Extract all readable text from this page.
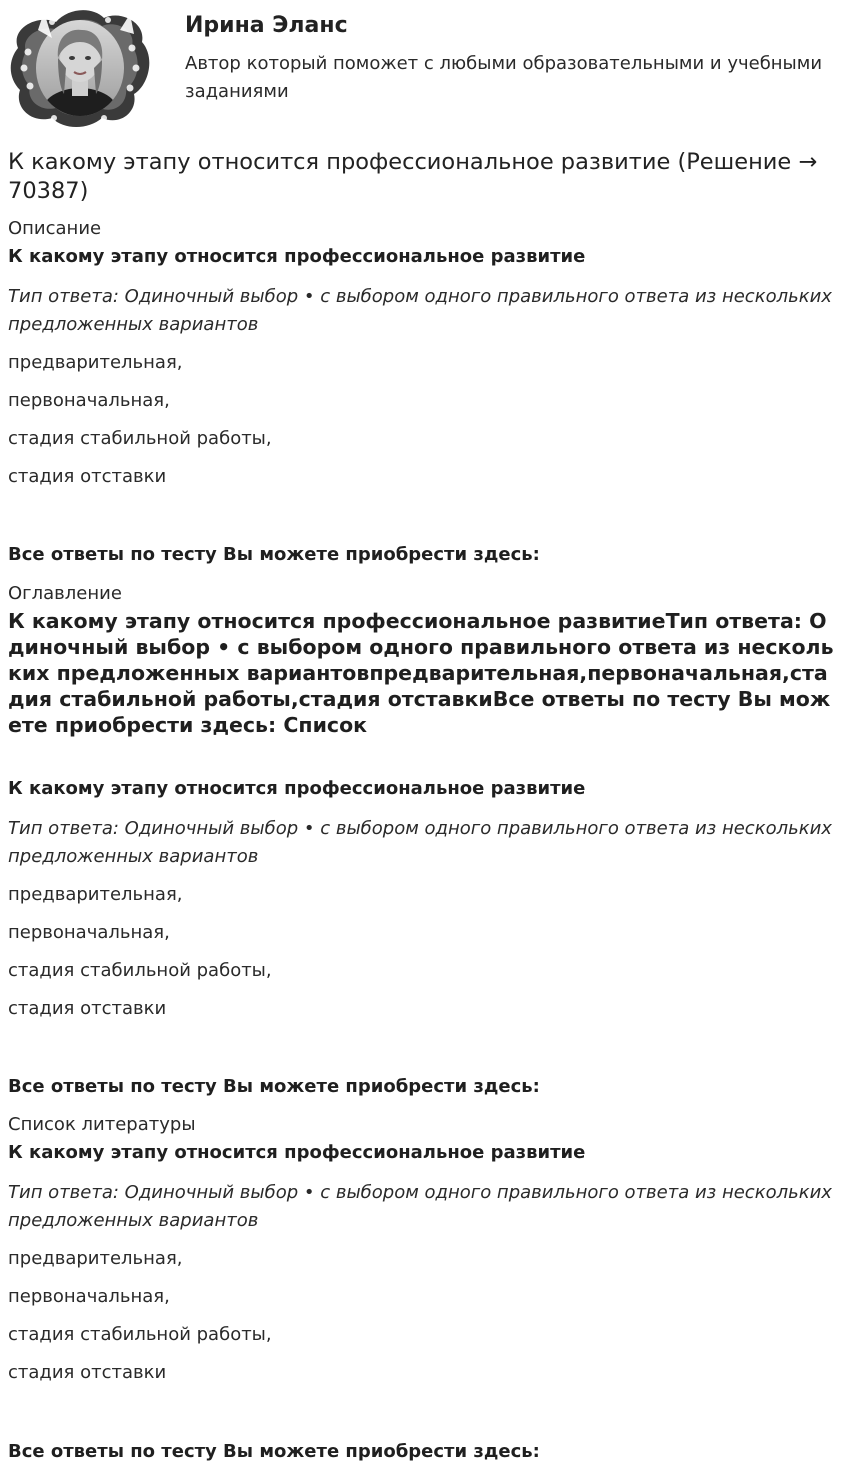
Ирина Эланс
Автор который поможет с любыми образовательными и учебными заданиями
К какому этапу относится профессиональное развитие (Решение → 70387)

Описание

К какому этапу относится профессиональное развитие

Тип ответа: Одиночный выбор • с выбором одного правильного ответа из нескольких предложенных вариантов

предварительная,
первоначальная,
стадия стабильной работы,
стадия отставки

Все ответы по тесту Вы можете приобрести здесь:

Оглавление

К какому этапу относится профессиональное развитиеТип ответа: Одиночный выбор • с выбором одного правильного ответа из нескольких предложенных вариантовпредварительная,первоначальная,стадия стабильной работы,стадия отставкиВсе ответы по тесту Вы можете приобрести здесь: Список

К какому этапу относится профессиональное развитие

Тип ответа: Одиночный выбор • с выбором одного правильного ответа из нескольких предложенных вариантов

предварительная,
первоначальная,
стадия стабильной работы,
стадия отставки

Все ответы по тесту Вы можете приобрести здесь:

Список литературы

К какому этапу относится профессиональное развитие

Тип ответа: Одиночный выбор • с выбором одного правильного ответа из нескольких предложенных вариантов

предварительная,
первоначальная,
стадия стабильной работы,
стадия отставки

Все ответы по тесту Вы можете приобрести здесь:
